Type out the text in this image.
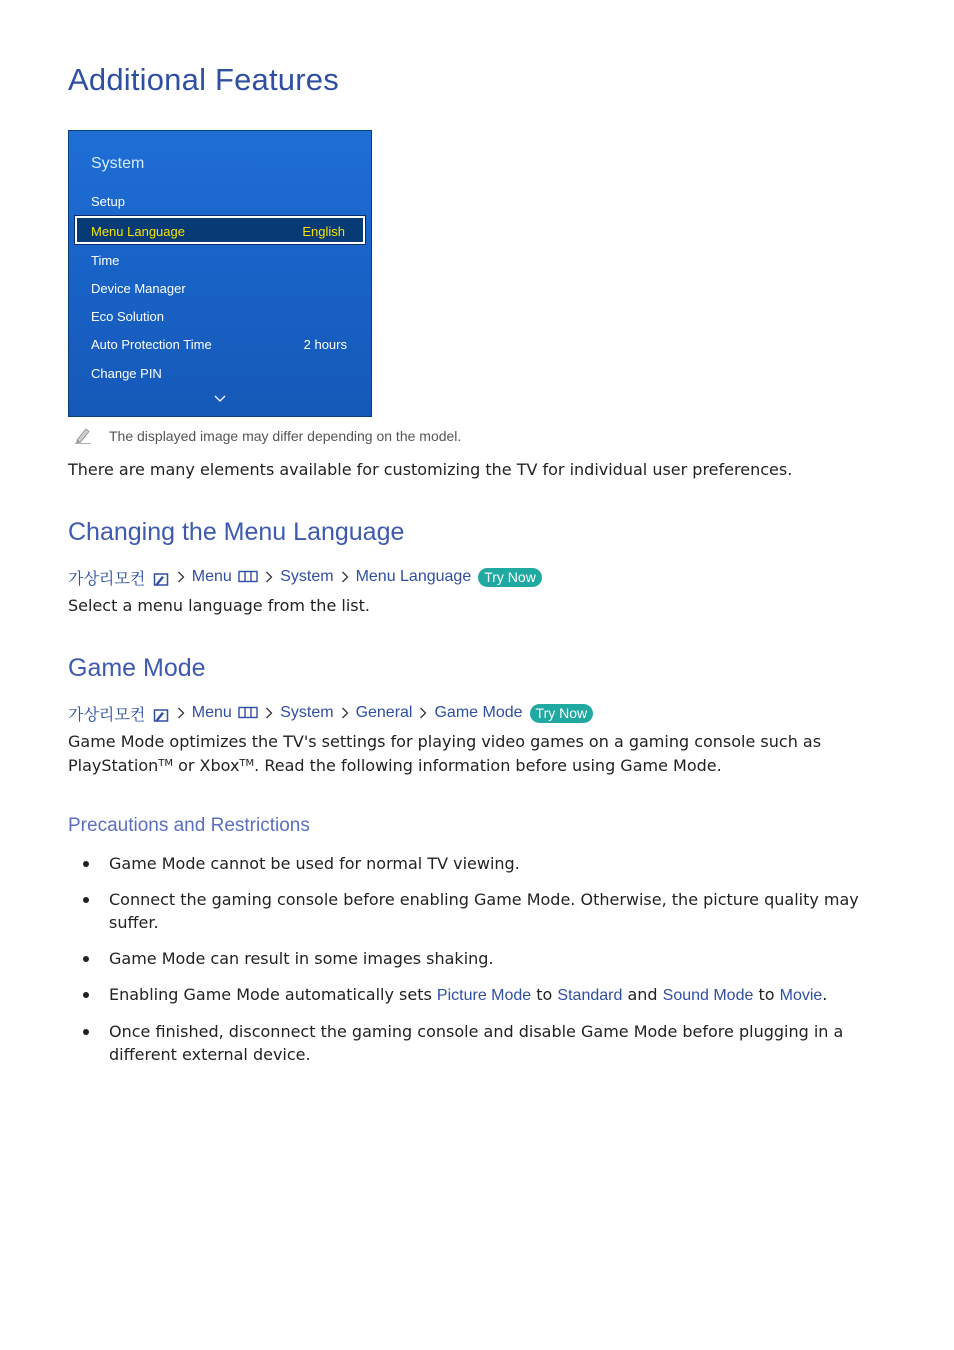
Additional Features
System
Setup
Menu Language	English
Time
Device Manager
Eco Solution
Auto Protection Time	2 hours
Change PIN
The displayed image may differ depending on the model.
There are many elements available for customizing the TV for individual user preferences.
Changing the Menu Language
가상리모컨	Menu	System Menu Language Try Now
Select a menu language from the list.
Game Mode
가상리모컨	Menu	System General Game Mode Try Now
Game Mode optimizes the TV's settings for playing video games on a gaming console such as PlayStation™ or Xbox™. Read the following information before using Game Mode.
Precautions and Restrictions
Game Mode cannot be used for normal TV viewing.
Connect the gaming console before enabling Game Mode. Otherwise, the picture quality may suffer.
Game Mode can result in some images shaking.
Enabling Game Mode automatically sets Picture Mode to Standard and Sound Mode to Movie.
Once finished, disconnect the gaming console and disable Game Mode before plugging in a different external device.
